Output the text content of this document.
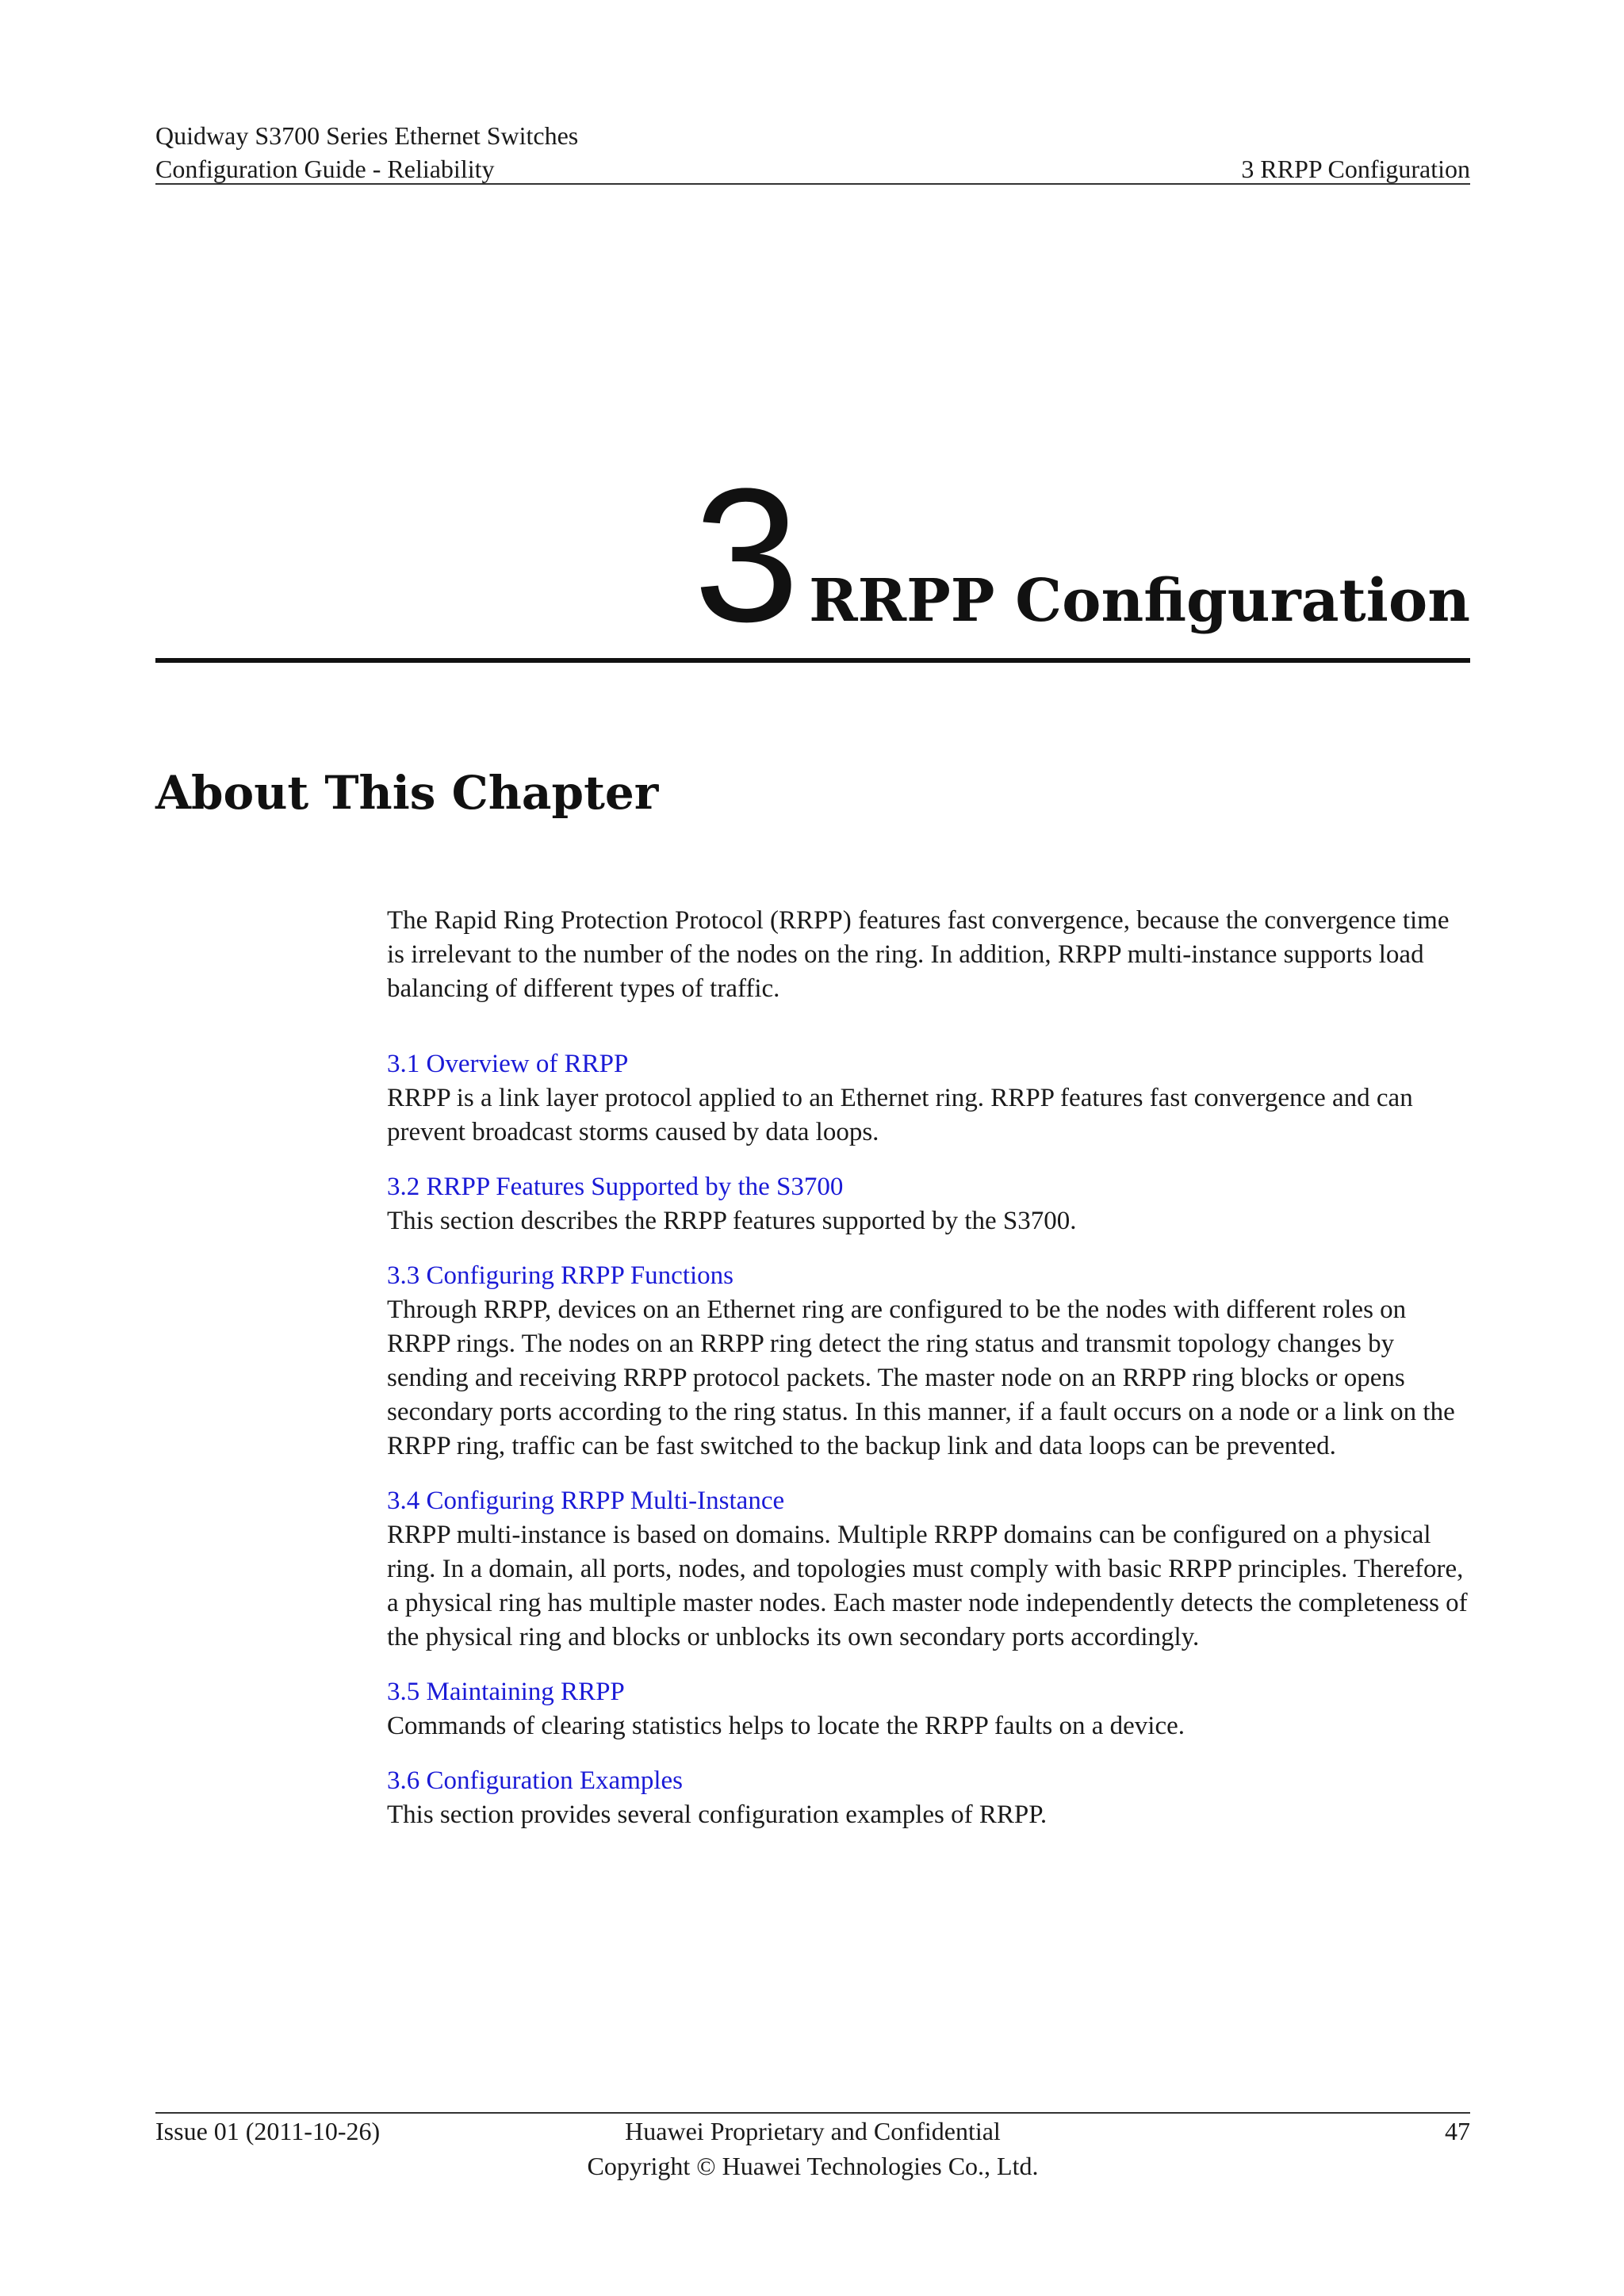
Quidway S3700 Series Ethernet Switches
Configuration Guide - Reliability	3 RRPP Configuration
3 RRPP Configuration
About This Chapter

The Rapid Ring Protection Protocol (RRPP) features fast convergence, because the convergence time is irrelevant to the number of the nodes on the ring. In addition, RRPP multi-instance supports load balancing of different types of traffic.

3.1 Overview of RRPP
RRPP is a link layer protocol applied to an Ethernet ring. RRPP features fast convergence and can prevent broadcast storms caused by data loops.
3.2 RRPP Features Supported by the S3700
This section describes the RRPP features supported by the S3700.
3.3 Configuring RRPP Functions
Through RRPP, devices on an Ethernet ring are configured to be the nodes with different roles on RRPP rings. The nodes on an RRPP ring detect the ring status and transmit topology changes by sending and receiving RRPP protocol packets. The master node on an RRPP ring blocks or opens secondary ports according to the ring status. In this manner, if a fault occurs on a node or a link on the RRPP ring, traffic can be fast switched to the backup link and data loops can be prevented.
3.4 Configuring RRPP Multi-Instance
RRPP multi-instance is based on domains. Multiple RRPP domains can be configured on a physical ring. In a domain, all ports, nodes, and topologies must comply with basic RRPP principles. Therefore, a physical ring has multiple master nodes. Each master node independently detects the completeness of the physical ring and blocks or unblocks its own secondary ports accordingly.
3.5 Maintaining RRPP
Commands of clearing statistics helps to locate the RRPP faults on a device.
3.6 Configuration Examples
This section provides several configuration examples of RRPP.
Issue 01 (2011-10-26)	Huawei Proprietary and Confidential
Copyright © Huawei Technologies Co., Ltd.
47
